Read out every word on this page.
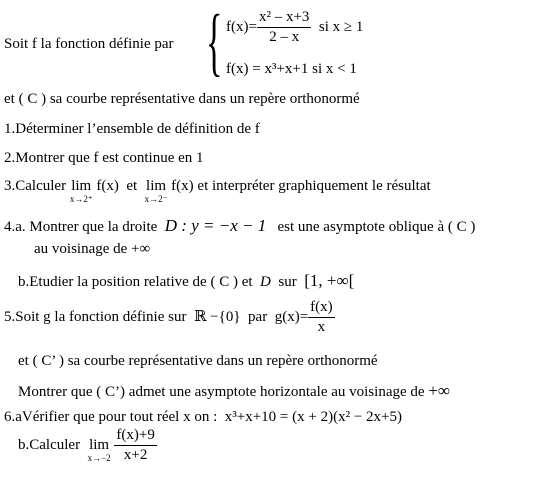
Soit f la fonction définie par { $f(x)= \frac{\text{x² – x+3}}{2 - x}$ si x ≥ 1
f(x) = x³+x+1 si x < 1
et ( C ) sa courbe représentative dans un repère orthonormé
1.Déterminer l’ensemble de définition de f
2.Montrer que f est continue en 1
3.Calculer lim
x→2⁺
f(x) et lim
x→2⁻
f(x) et interpréter graphiquement le résultat
4.a. Montrer que la droite D : y = −x − 1 est une asymptote oblique à ( C )
au voisinage de +∞
b.Etudier la position relative de ( C ) et D sur [1, +∞[
5.Soit g la fonction définie sur ℝ −{0} par $g(x)= \frac{f(x)}{x}$
et ( C’ ) sa courbe représentative dans un repère orthonormé
Montrer que ( C’) admet une asymptote horizontale au voisinage de +∞
6.aVérifier que pour tout réel x on : x³+x+10 = (x + 2)(x² − 2x+5)
b.Calculer lim
x→−2
$\frac{f(x)+9}{x+2}$
